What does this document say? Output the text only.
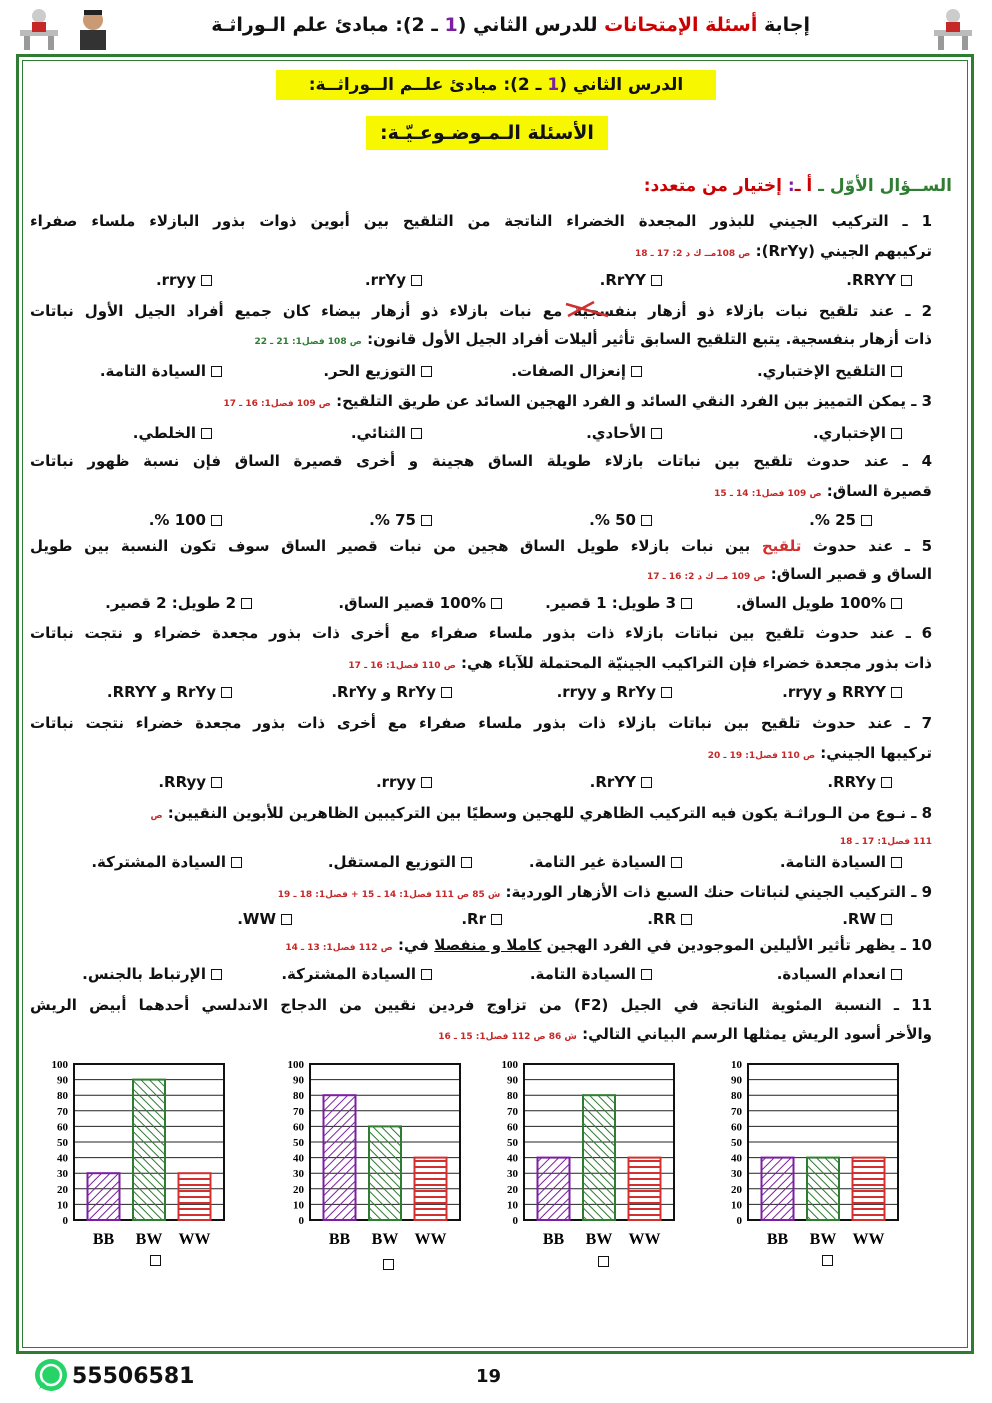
إجابة أسئلة الإمتحانات للدرس الثاني (1 ـ 2): مبادئ علم الـوراثـة
الدرس الثاني (1 ـ 2): مبادئ علــم الــوراثــة:
الأسئلة الـمـوضـوعـيّـة:
الســؤال الأوّل ـ أ ـ: إختيار من متعدد:
1 ـ التركيب الجيني للبذور المجعدة الخضراء الناتجة من التلقيح بين أبوين ذوات بذور البازلاء ملساء صفراء
تركيبهم الجيني (RrYy): ص 108مــ ك د 2: 17 ـ 18
RRYY.
RrYY.
rrYy.
rryy.
2 ـ عند تلقيح نبات بازلاء ذو أزهار بنفسجية مع نبات بازلاء ذو أزهار بيضاء كان جميع أفراد الجيل الأول نباتات
ذات أزهار بنفسجية. يتبع التلقيح السابق تأثير أليلات أفراد الجيل الأول قانون: ص 108 فصل1: 21 ـ 22
التلقيح الإختباري.
إنعزال الصفات.
التوزيع الحر.
السيادة التامة.
3 ـ يمكن التمييز بين الفرد النقي السائد و الفرد الهجين السائد عن طريق التلقيح: ص 109 فصل1: 16 ـ 17
الإختباري.
الأحادي.
الثنائي.
الخلطي.
4 ـ عند حدوث تلقيح بين نباتات بازلاء طويلة الساق هجينة و أخرى قصيرة الساق فإن نسبة ظهور نباتات
قصيرة الساق: ص 109 فصل1: 14 ـ 15
25 %.
50 %.
75 %.
100 %.
5 ـ عند حدوث تلقيح بين نبات بازلاء طويل الساق هجين من نبات قصير الساق سوف تكون النسبة بين طويل
الساق و قصير الساق: ص 109 مــ ك د 2: 16 ـ 17
100% طويل الساق.
3 طويل: 1 قصير.
100% قصير الساق.
2 طويل: 2 قصير.
6 ـ عند حدوث تلقيح بين نباتات بازلاء ذات بذور ملساء صفراء مع أخرى ذات بذور مجعدة خضراء و نتجت نباتات
ذات بذور مجعدة خضراء فإن التراكيب الجينيّة المحتملة للآباء هي: ص 110 فصل1: 16 ـ 17
RRYY و rryy.
RrYy و rryy.
RrYy و RrYy.
RrYy و RRYY.
7 ـ عند حدوث تلقيح بين نباتات بازلاء ذات بذور ملساء صفراء مع أخرى ذات بذور مجعدة خضراء نتجت نباتات
تركيبها الجيني: ص 110 فصل1: 19 ـ 20
RRYy.
RrYY.
rryy.
RRyy.
8 ـ نـوع من الـوراثـة يكون فيه التركيب الظاهري للهجين وسطيًا بين التركيبين الظاهرين للأبوين النقيين: ص
111 فصل1: 17 ـ 18
السيادة التامة.
السيادة غير التامة.
التوزيع المستقل.
السيادة المشتركة.
9 ـ التركيب الجيني لنباتات حنك السبع ذات الأزهار الوردية: ش 85 ص 111 فصل1: 14 ـ 15 + فصل1: 18 ـ 19
RW.
RR.
Rr.
WW.
10 ـ يظهر تأثير الأليلين الموجودين في الفرد الهجين كاملا و منفصلا في: ص 112 فصل1: 13 ـ 14
انعدام السيادة.
السيادة التامة.
السيادة المشتركة.
الإرتباط بالجنس.
11 ـ النسبة المئوية الناتجة في الجيل (F2) من تزاوج فردين نقيين من الدجاج الاندلسي أحدهما أبيض الريش
والأخر أسود الريش يمثلها الرسم البياني التالي: ش 86 ص 112 فصل1: 15 ـ 16
0
10
20
30
40
50
60
70
80
90
100
BB BW WW
0
10
20
30
40
50
60
70
80
90
100
BB BW WW
0
10
20
30
40
50
60
70
80
90
100
BB BW WW
0
10
20
30
40
50
60
70
80
90
10
BB BW WW
55506581	19
